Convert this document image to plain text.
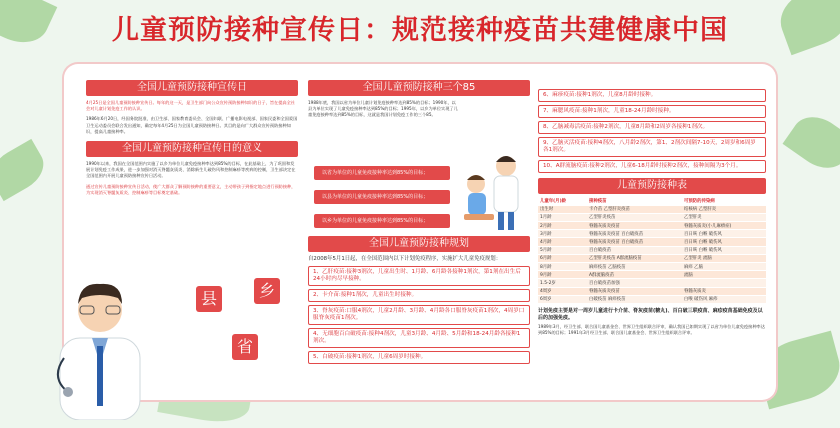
儿童预防接种宣传日：规范接种疫苗共建健康中国
全国儿童预防接种宣传日
4月25日是全国儿童预防接种宣传日。每年的这一天，是卫生部门向公众宣传预防接种知识的日子，旨在提高全社会对儿童计划免疫工作的认识。
1986年6月20日，经国务院批准，由卫生部、国家教育委员会、全国妇联、广播电影电视部、国家民委和全国爱国卫生运动委员会联合发出通知，确定每年4月25日为全国儿童预防接种日。其目的是向广大群众宣传预防接种知识，提高儿童接种率。
全国儿童预防接种宣传日的意义
1990年以来，我国在全国范围内实施了以乡为单位儿童免疫接种率达到85%的目标，在此基础上，为了巩固和发展计划免疫工作成果，进一步加强对消灭脊髓灰质炎、消除新生儿破伤风和控制麻疹等疾病的控制，卫生部决定在全国范围内开展儿童预防接种宣传日活动。
通过宣传儿童预防接种宣传日活动，使广大群众了解预防接种的重要意义，主动带孩子到指定地点进行预防接种，为实现消灭脊髓灰质炎、控制麻疹等目标奠定基础。
县	乡
省
全国儿童预防接种三个85
1988年底，我国以省为单位儿童计划免疫接种率达到85%的目标；1990年，以县为单位实现了儿童免疫接种率达到85%的目标；1995年，以乡为单位实现了儿童免疫接种率达到85%的目标，这就是我国计划免疫工作的三个85。
以省为单位的儿童免疫接种率达到85%的目标；
以县为单位的儿童免疫接种率达到85%的目标；
以乡为单位的儿童免疫接种率达到85%的目标；
全国儿童预防接种规划
自2008年5月1日起，在全国范围内以下计划免疫程序，实施扩大儿童免疫规划：
1、乙肝疫苗:接种3剂次，儿童出生时、1月龄、6月龄各接种1剂次，第1剂在出生后24小时内尽早接种。
2、卡介苗:接种1剂次，儿童出生时接种。
3、脊灰疫苗:口服4剂次，儿童2月龄、3月龄、4月龄各口服脊灰疫苗1剂次，4周岁口服脊灰疫苗1剂次。
4、无细胞百白破疫苗:接种4剂次，儿童3月龄、4月龄、5月龄和18-24月龄各接种1剂次。
5、白破疫苗:接种1剂次，儿童6周岁时接种。
6、麻疹疫苗:接种1剂次，儿童8月龄时接种。
7、麻腮风疫苗:接种1剂次，儿童18-24月龄时接种。
8、乙脑减毒活疫苗:接种2剂次，儿童8月龄和2周岁各接种1剂次。
9、乙脑灭活疫苗:接种4剂次，八月龄2剂次，第1、2剂次间隔7-10天，2周岁和6周岁各1剂次。
10、A群流脑疫苗:接种2剂次，儿童6-18月龄时接种2剂次，接种间隔为3个月。
儿童预防接种表
儿童年(月)龄	接种疫苗	可预防的传染病
出生时	卡介苗 乙型肝炎疫苗	结核病 乙型肝炎
1月龄	乙型肝炎疫苗	乙型肝炎
2月龄	脊髓灰质炎疫苗	脊髓灰质炎(小儿麻痹症)
3月龄	脊髓灰质炎疫苗 百白破疫苗	百日咳 白喉 破伤风
4月龄	脊髓灰质炎疫苗 百白破疫苗	百日咳 白喉 破伤风
5月龄	百白破疫苗	百日咳 白喉 破伤风
6月龄	乙型肝炎疫苗 A群流脑疫苗	乙型肝炎 流脑
8月龄	麻疹疫苗 乙脑疫苗	麻疹 乙脑
9月龄	A群流脑疫苗	流脑
1.5-2岁	百白破疫苗加强	
4周岁	脊髓灰质炎疫苗	脊髓灰质炎
6周岁	白破疫苗 麻疹疫苗	白喉 破伤风 麻疹
计划免疫主要是对一周岁儿童进行卡介苗、脊灰疫苗(糖丸)、百白破三联疫苗、麻疹疫苗基础免疫及以后的加强免疫。
1989年3月，经卫生部、联合国儿童基金会、世界卫生组织联合评审，确认我国已如期实现了以省为单位儿童免疫接种率达到85%的目标；1991年3月经卫生部、联合国儿童基金会、世界卫生组织联合评审。
